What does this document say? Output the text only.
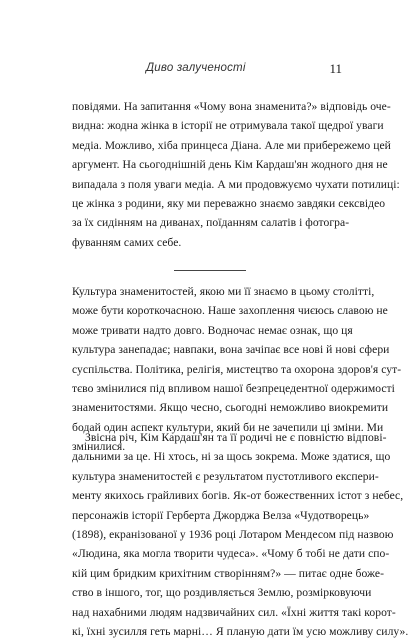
Диво залученості	11
повідями. На запитання «Чому вона знаменита?» відповідь оче-
видна: жодна жінка в історії не отримувала такої щедрої уваги
медіа. Можливо, хіба принцеса Діана. Але ми прибережемо цей
аргумент. На сьогоднішній день Кім Кардаш'ян жодного дня не
випадала з поля уваги медіа. А ми продовжуємо чухати потилиці:
це жінка з родини, яку ми переважно знаємо завдяки сексвідео
за їх сидінням на диванах, поїданням салатів і фотогра-
фуванням самих себе.
Культура знаменитостей, якою ми її знаємо в цьому столітті,
може бути короткочасною. Наше захоплення чиєюсь славою не
може тривати надто довго. Водночас немає ознак, що ця
культура занепадає; навпаки, вона зачіпає все нові й нові сфери
суспільства. Політика, релігія, мистецтво та охорона здоров'я сут-
тєво змінилися під впливом нашої безпрецедентної одержимості
знаменитостями. Якщо чесно, сьогодні неможливо виокремити
бодай один аспект культури, який би не зачепили ці зміни. Ми
змінилися.
Звісна річ, Кім Кардаш'ян та її родичі не є повністю відпові-
дальними за це. Ні хтось, ні за щось зокрема. Може здатися, що
культура знаменитостей є результатом пустотливого експери-
менту якихось грайливих богів. Як-от божественних істот з небес,
персонажів історії Герберта Джорджа Велза «Чудотворець»
(1898), екранізованої у 1936 році Лотаром Мендесом під назвою
«Людина, яка могла творити чудеса». «Чому б тобі не дати спо-
кій цим бридким крихітним створінням?» — питає одне боже-
ство в іншого, тог, що роздивляється Землю, розмірковуючи
над нахабними людям надзвичайних сил. «Їхні життя такі корот-
кі, їхні зусилля геть марні… Я планую дати їм усю можливу силу».
